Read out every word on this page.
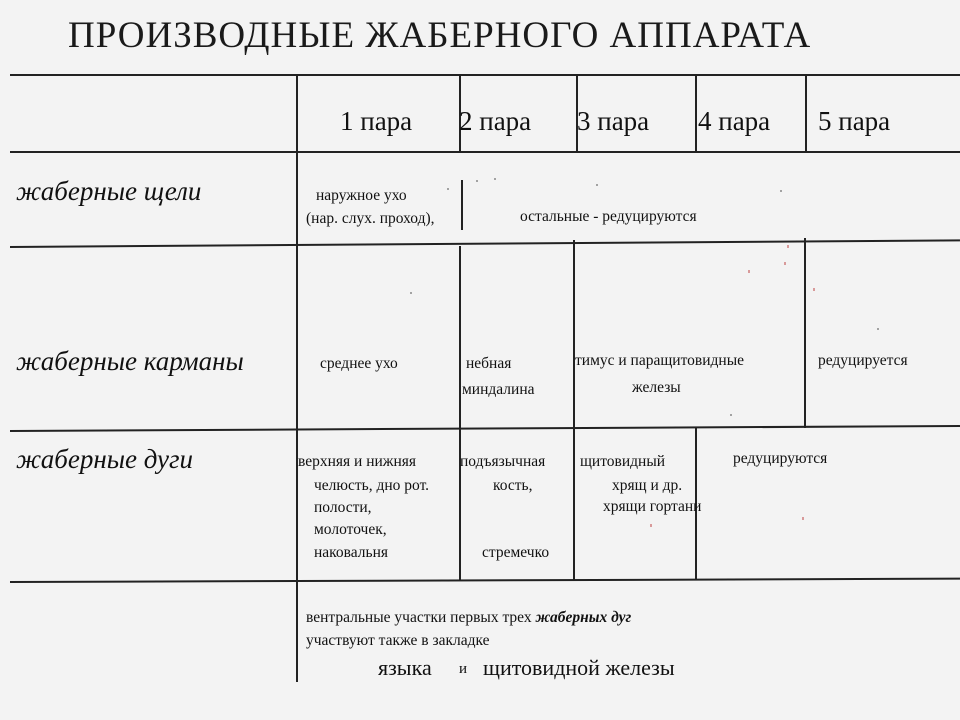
ПРОИЗВОДНЫЕ ЖАБЕРНОГО АППАРАТА
1 пара 2 пара 3 пара 4 пара 5 пара
жаберные щели
жаберные карманы
жаберные дуги
наружное ухо
(нар. слух. проход),	остальные - редуцируются
среднее ухо	небная
миндалина
тимус и паращитовидные
железы
редуцируется
верхняя и нижняя
челюсть, дно рот.
полости,
молоточек,
наковальня
подъязычная
кость,
стремечко
щитовидный
хрящ и др.
хрящи гортани
редуцируются
вентральные участки первых трех жаберных дуг
участвуют также в закладке
языка и щитовидной железы
